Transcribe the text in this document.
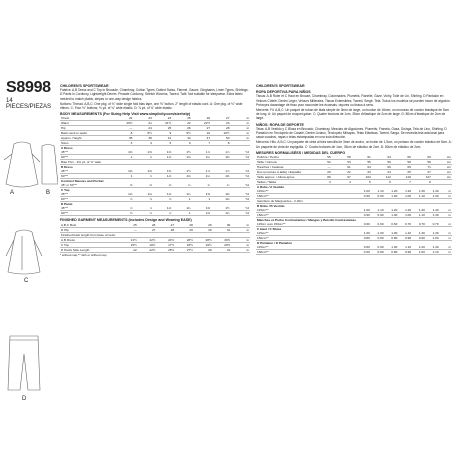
S8998
14 PIECES/PIEZAS
A	B
C
D
CHILDREN'S SPORTSWEAR
Fabrics: A,B Dress and C Top in Brocade, Chambray, Cotton Types, Dotted Swiss, Flannel, Gauze, Ginghams, Linen Types, Shirtings. D Pants in Corduroy, Lightweight Denim. Pinwale Corduroy, Stretch Wovens, Tweed, Twill. Not suitable for sleepwear. Extra fabric needed to match plaids, stripes or one-way design fabrics.
Notions: Thread. A,B,C: One pkg. of ⅛" wide single fold bias tape, one ⅝" button. 2" length of elastic cord. A: One pkg. of ⅛" wide ribbon. C: Four ⅜" buttons, ⅜ yd. of ¾" wide elastic. D: ⅞ yd. of ¾" wide elastic.
BODY MEASUREMENTS (For Sizing Help Visit www.simplicity.com/sizehelp)
Chest	22	23	24	25	26	27	in
Waist	20½	21	21½	22	22½	23	in
Hip	—	24	25	26	27	28	in
Back-neck to waist	8	8½	9	9½	10	10½	in
Approx. Height	35	38	41	44	47	50	in
Sizes	3	4	5	6	7	8	
A Dress							
45"**	1⅜	1⅜	1⅜	1½	1⅞	1⅞	Yd
60"**	1	1	1⅛	1⅛	1¼	1⅜	Yd
Bias Trim - 2⅜ yd. of ⅝" wide							
B Dress							
45"**	1⅜	1⅜	1⅜	1½	1⅞	1⅞	Yd
60"**	1	1	1⅛	1⅛	1¼	1⅜	Yd
Contrast Sleeves and Pocket							
45" or 60"**	⅝	⅝	⅝	¾	¾	¾	Yd
C Top							
45"**	1⅛	1⅛	1⅛	1¼	1⅜	1⅜	Yd
60"**	⅞	⅞	⅞	1	1	1⅛	Yd
D Pants							
45"**	⅞	1	1⅛	1¼	1⅜	1½	Yd
60"**	⅝	⅞	⅞	1	1⅛	1¼	Yd
FINISHED GARMENT MEASUREMENTS (Includes Design and Wearing EASE)
A,B,C Bust	25	26	27	28	29	30	in
D Hip	—	27	28	29	30	31	in
Finished back length from base of neck:							
A,B Dress	21½	22½	24½	26½	28½	30½	in
C Top	15½	16½	17½	18½	19½	20½	in
D Pants Side Length	22	22½	25½	27½	29	31	in
* without nap ** with or without nap
CHILDREN'S SPORTSWEAR
ROPA DEPORTIVA PARA NIÑOS
Tissus: A,B Robe et C Haut en Brocart, Chambray, Cotonnades, Plumetis, Flanelle, Gaze, Vichy, Toile de Lin, Shirting. D Pantalon en Velours Côtelé, Denim Léger, Velours Milleraies, Tissus Extensibles, Tweed, Sergé. Tela: Todos los modelos se pueden hacer de algodón. Prévoyez davantage de tissu pour raccorder les écossais, rayures ou tissus à sens.
Mercerie: Fil. A,B,C: Un paquet de ruban de biais simple de 3mm de large, un bouton de 16mm, un morceau de cordon élastique de 5cm de long. A: Un paquet de croquet galon. C: Quatre boutons de 1cm, 35cm d'élastique de 2cm de large. D: 80cm d'élastique de 2cm de large.
NIÑOS: ROPA DE DEPORTE
Telas: A,B Vestido y C Blusa en Brocado, Chambray, Mezclas de Algodones, Plumetis, Franela, Gasa, Guinga, Tela de Lino, Shirting. D Pantalón en Terciopelo de Canalé, Denim Liviano, Terciopelo Milrayas, Telas Elásticas, Tweed, Sarga. Se necesita tela adicional para casar cuadros, rayas o telas estampadas en una sola dirección.
Mercería: Hilo. A,B,C: Un paquete de cinta al bies sencilla de 3mm de ancho, un botón de 1,5cm, un pedazo de cordón elástico de 5cm. A: Un paquete de cinta de espiguilla. C: Cuatro botones de 1cm, 35cm de elástico de 2cm. D: 80cm de elástico de 2cm.
MESURES NORMALISÉES / MEDIDAS DEL CUERPO
Poitrine / Pecho	56	58	61	64	66	69	cm
Taille / Cintura	52	53	55	56	58	58	cm
Hanches / Caderas	—	61	64	66	69	71	cm
Dos (encolure à taille) / Espalda	20	22	23	24	25	27	cm
Taille approx. / Altura aprox.	89	97	104	112	119	127	cm
Tailles / Tallas	3	4	5	6	7	8	
A Robe / A Vestido							
115cm**	1.00	1.10	1.20	1.20	1.30	1.40	m
150cm**	0.90	0.90	1.00	1.00	1.10	1.30	m
Garniture de Marguerites - 2.20m							
B Robe / B Vestido							
115cm**	1.00	1.10	1.20	1.20	1.30	1.40	m
150cm**	0.90	0.90	1.00	1.00	1.10	1.30	m
Manches et Poche Contrastantes / Mangas y Bolsillo Contrastantes							
115cm ou/o 150cm**	0.60	0.60	0.60	0.70	0.70	0.70	m
C Haut / C Blusa							
115cm**	1.00	1.00	1.00	1.10	1.30	1.30	m
150cm**	0.80	0.80	0.80	0.90	0.90	1.00	m
D Pantalon / D Pantalón							
115cm**	0.80	0.90	1.00	1.10	1.20	1.40	m
150cm**	0.60	0.80	0.80	0.90	1.00	1.10	m
